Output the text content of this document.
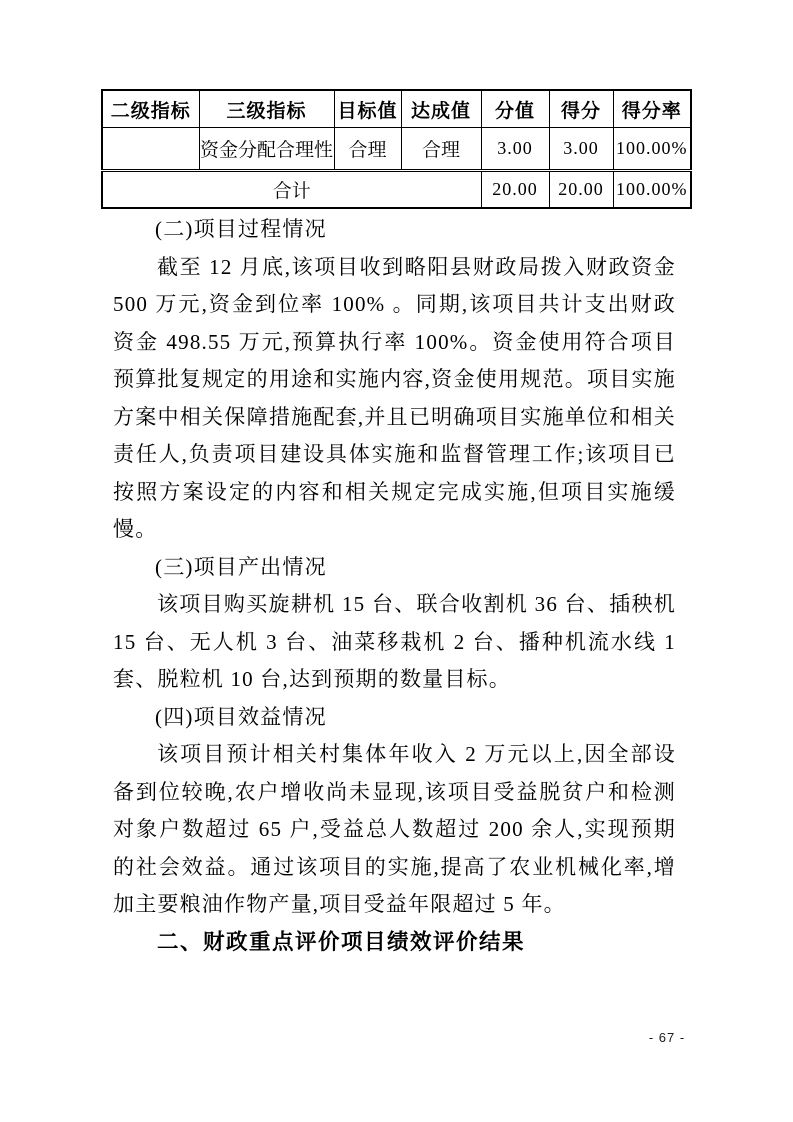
二级指标	三级指标	目标值	达成值	分值	得分	得分率
	资金分配合理性	合理	合理	3.00	3.00	100.00%
合计				20.00	20.00	100.00%
(二)项目过程情况

截至 12 月底,该项目收到略阳县财政局拨入财政资金 500 万元,资金到位率 100% 。同期,该项目共计支出财政资金 498.55 万元,预算执行率 100%。资金使用符合项目预算批复规定的用途和实施内容,资金使用规范。项目实施方案中相关保障措施配套,并且已明确项目实施单位和相关责任人,负责项目建设具体实施和监督管理工作;该项目已按照方案设定的内容和相关规定完成实施,但项目实施缓慢。

(三)项目产出情况

该项目购买旋耕机 15 台、联合收割机 36 台、插秧机 15 台、无人机 3 台、油菜移栽机 2 台、播种机流水线 1 套、脱粒机 10 台,达到预期的数量目标。

(四)项目效益情况

该项目预计相关村集体年收入 2 万元以上,因全部设备到位较晚,农户增收尚未显现,该项目受益脱贫户和检测对象户数超过 65 户,受益总人数超过 200 余人,实现预期的社会效益。通过该项目的实施,提高了农业机械化率,增加主要粮油作物产量,项目受益年限超过 5 年。

二、财政重点评价项目绩效评价结果
- 67 -
